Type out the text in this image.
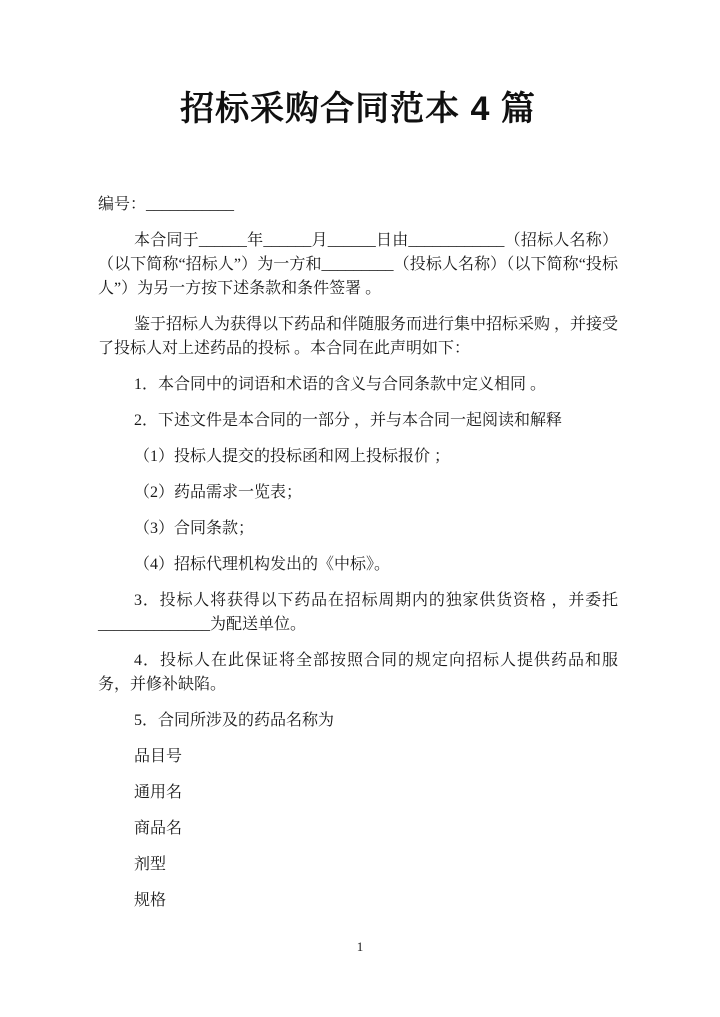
招标采购合同范本 4 篇

编号：___________

本合同于______年______月______日由____________（招标人名称）（以下简称“招标人”）为一方和_________（投标人名称）（以下简称“投标人”）为另一方按下述条款和条件签署 。

鉴于招标人为获得以下药品和伴随服务而进行集中招标采购 ，并接受了投标人对上述药品的投标 。本合同在此声明如下：

1．本合同中的词语和术语的含义与合同条款中定义相同 。

2．下述文件是本合同的一部分 ，并与本合同一起阅读和解释

（1）投标人提交的投标函和网上投标报价 ；

（2）药品需求一览表；

（3）合同条款；

（4）招标代理机构发出的《中标》。

3．投标人将获得以下药品在招标周期内的独家供货资格 ，并委托______________为配送单位。

4．投标人在此保证将全部按照合同的规定向招标人提供药品和服务，并修补缺陷。

5．合同所涉及的药品名称为

品目号

通用名

商品名

剂型

规格

1
